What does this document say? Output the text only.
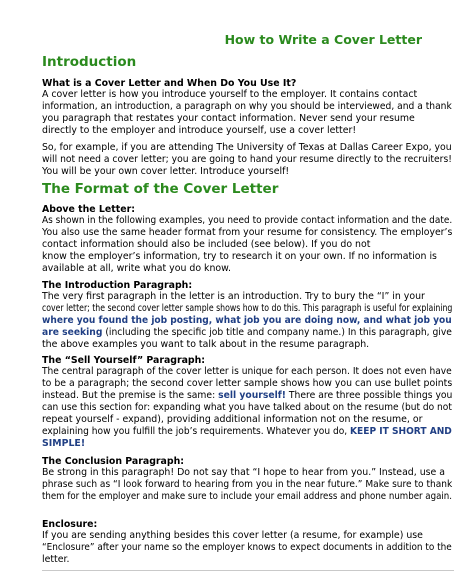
How to Write a Cover Letter
Introduction
What is a Cover Letter and When Do You Use It?
A cover letter is how you introduce yourself to the employer. It contains contact
information, an introduction, a paragraph on why you should be interviewed, and a thank
you paragraph that restates your contact information. Never send your resume
directly to the employer and introduce yourself, use a cover letter!
So, for example, if you are attending The University of Texas at Dallas Career Expo, you
will not need a cover letter; you are going to hand your resume directly to the recruiters!
You will be your own cover letter. Introduce yourself!
The Format of the Cover Letter
Above the Letter:
As shown in the following examples, you need to provide contact information and the date.
You also use the same header format from your resume for consistency. The employer’s
contact information should also be included (see below). If you do not
know the employer’s information, try to research it on your own. If no information is
available at all, write what you do know.
The Introduction Paragraph:
The very first paragraph in the letter is an introduction. Try to bury the “I” in your
cover letter; the second cover letter sample shows how to do this. This paragraph is useful for explaining
where you found the job posting, what job you are doing now, and what job you
are seeking (including the specific job title and company name.) In this paragraph, give
the above examples you want to talk about in the resume paragraph.
The “Sell Yourself” Paragraph:
The central paragraph of the cover letter is unique for each person. It does not even have
to be a paragraph; the second cover letter sample shows how you can use bullet points
instead. But the premise is the same: sell yourself! There are three possible things you
can use this section for: expanding what you have talked about on the resume (but do not
repeat yourself - expand), providing additional information not on the resume, or
explaining how you fulfill the job’s requirements. Whatever you do, KEEP IT SHORT AND
SIMPLE!
The Conclusion Paragraph:
Be strong in this paragraph! Do not say that “I hope to hear from you.” Instead, use a
phrase such as “I look forward to hearing from you in the near future.” Make sure to thank
them for the employer and make sure to include your email address and phone number again.
Enclosure:
If you are sending anything besides this cover letter (a resume, for example) use
“Enclosure” after your name so the employer knows to expect documents in addition to the
letter.
